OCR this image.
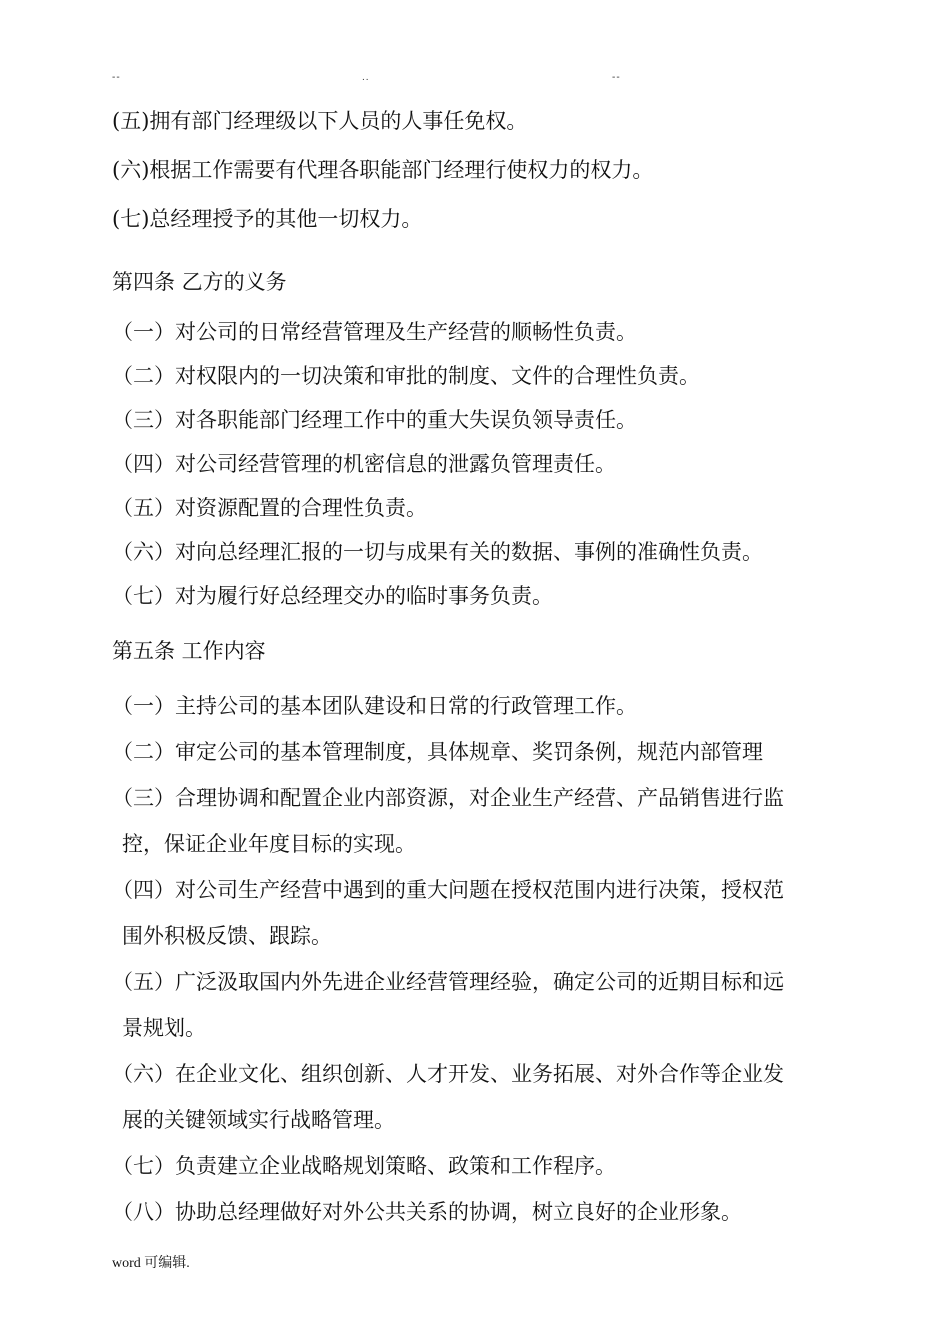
--	..	--
(五)拥有部门经理级以下人员的人事任免权。
(六)根据工作需要有代理各职能部门经理行使权力的权力。
(七)总经理授予的其他一切权力。
第四条 乙方的义务
（一）对公司的日常经营管理及生产经营的顺畅性负责。
（二）对权限内的一切决策和审批的制度、文件的合理性负责。
（三）对各职能部门经理工作中的重大失误负领导责任。
（四）对公司经营管理的机密信息的泄露负管理责任。
（五）对资源配置的合理性负责。
（六）对向总经理汇报的一切与成果有关的数据、事例的准确性负责。
（七）对为履行好总经理交办的临时事务负责。
第五条 工作内容
（一）主持公司的基本团队建设和日常的行政管理工作。
（二）审定公司的基本管理制度，具体规章、奖罚条例，规范内部管理
（三）合理协调和配置企业内部资源，对企业生产经营、产品销售进行监
控，保证企业年度目标的实现。
（四）对公司生产经营中遇到的重大问题在授权范围内进行决策，授权范
围外积极反馈、跟踪。
（五）广泛汲取国内外先进企业经营管理经验，确定公司的近期目标和远
景规划。
（六）在企业文化、组织创新、人才开发、业务拓展、对外合作等企业发
展的关键领域实行战略管理。
（七）负责建立企业战略规划策略、政策和工作程序。
（八）协助总经理做好对外公共关系的协调，树立良好的企业形象。
word 可编辑.
